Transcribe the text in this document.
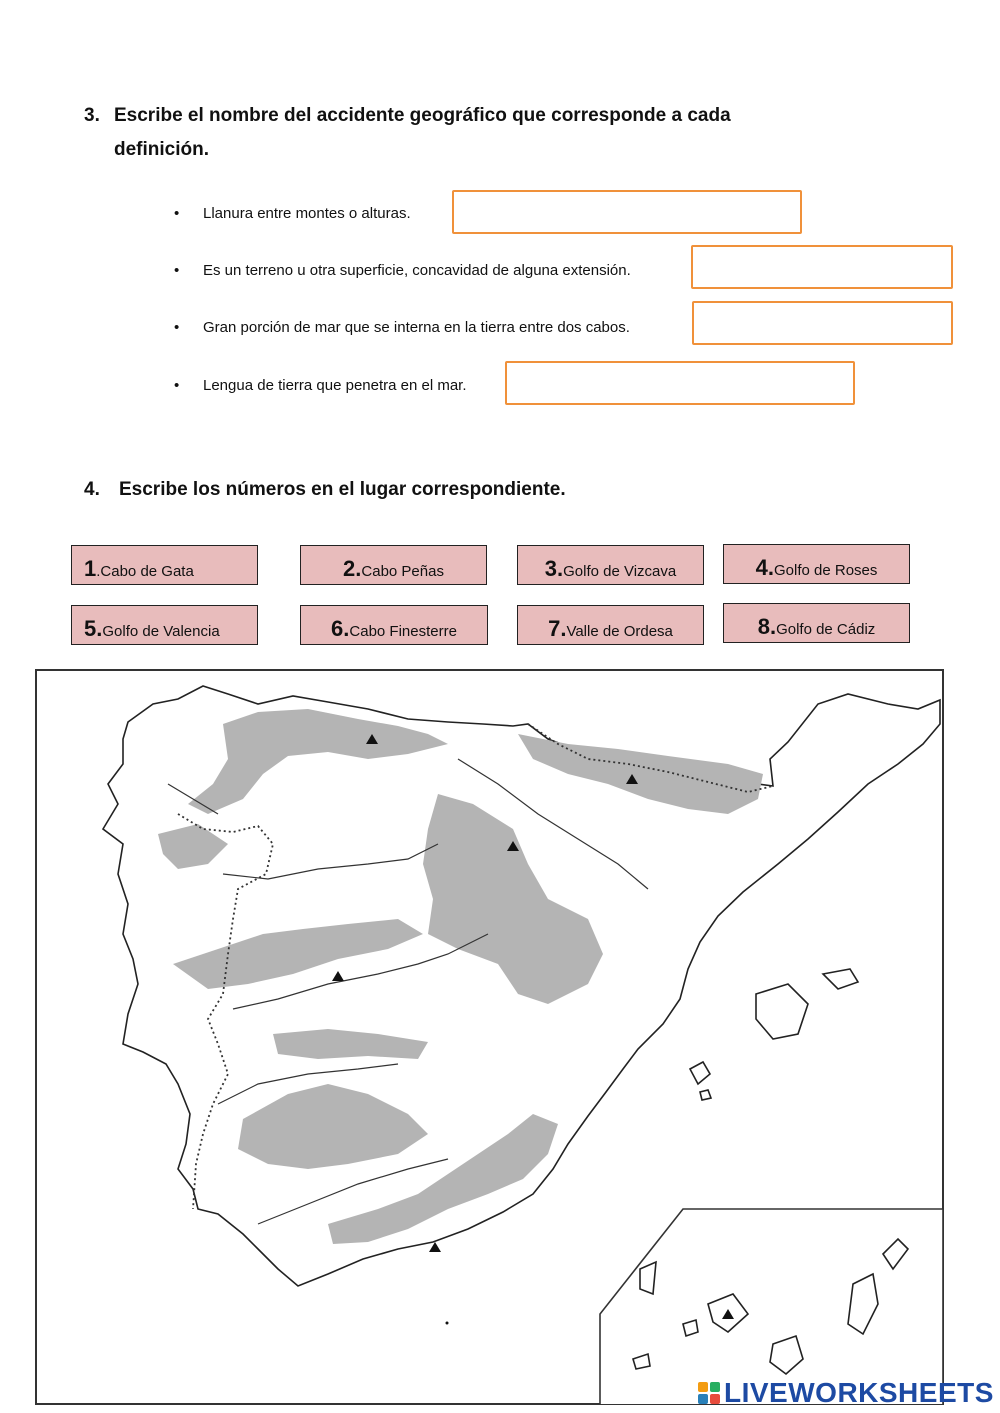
3. Escribe el nombre del accidente geográfico que corresponde a cada definición.
• Llanura entre montes o alturas.
• Es un terreno u otra superficie, concavidad de alguna extensión.
• Gran porción de mar que se interna en la tierra entre dos cabos.
• Lengua de tierra que penetra en el mar.
4. Escribe los números en el lugar correspondiente.
1 .Cabo de Gata	2. Cabo Peñas	3. Golfo de Vizcava	4. Golfo de Roses
5. Golfo de Valencia	6. Cabo Finesterre	7. Valle de Ordesa	8. Golfo de Cádiz
LIVEWORKSHEETS
